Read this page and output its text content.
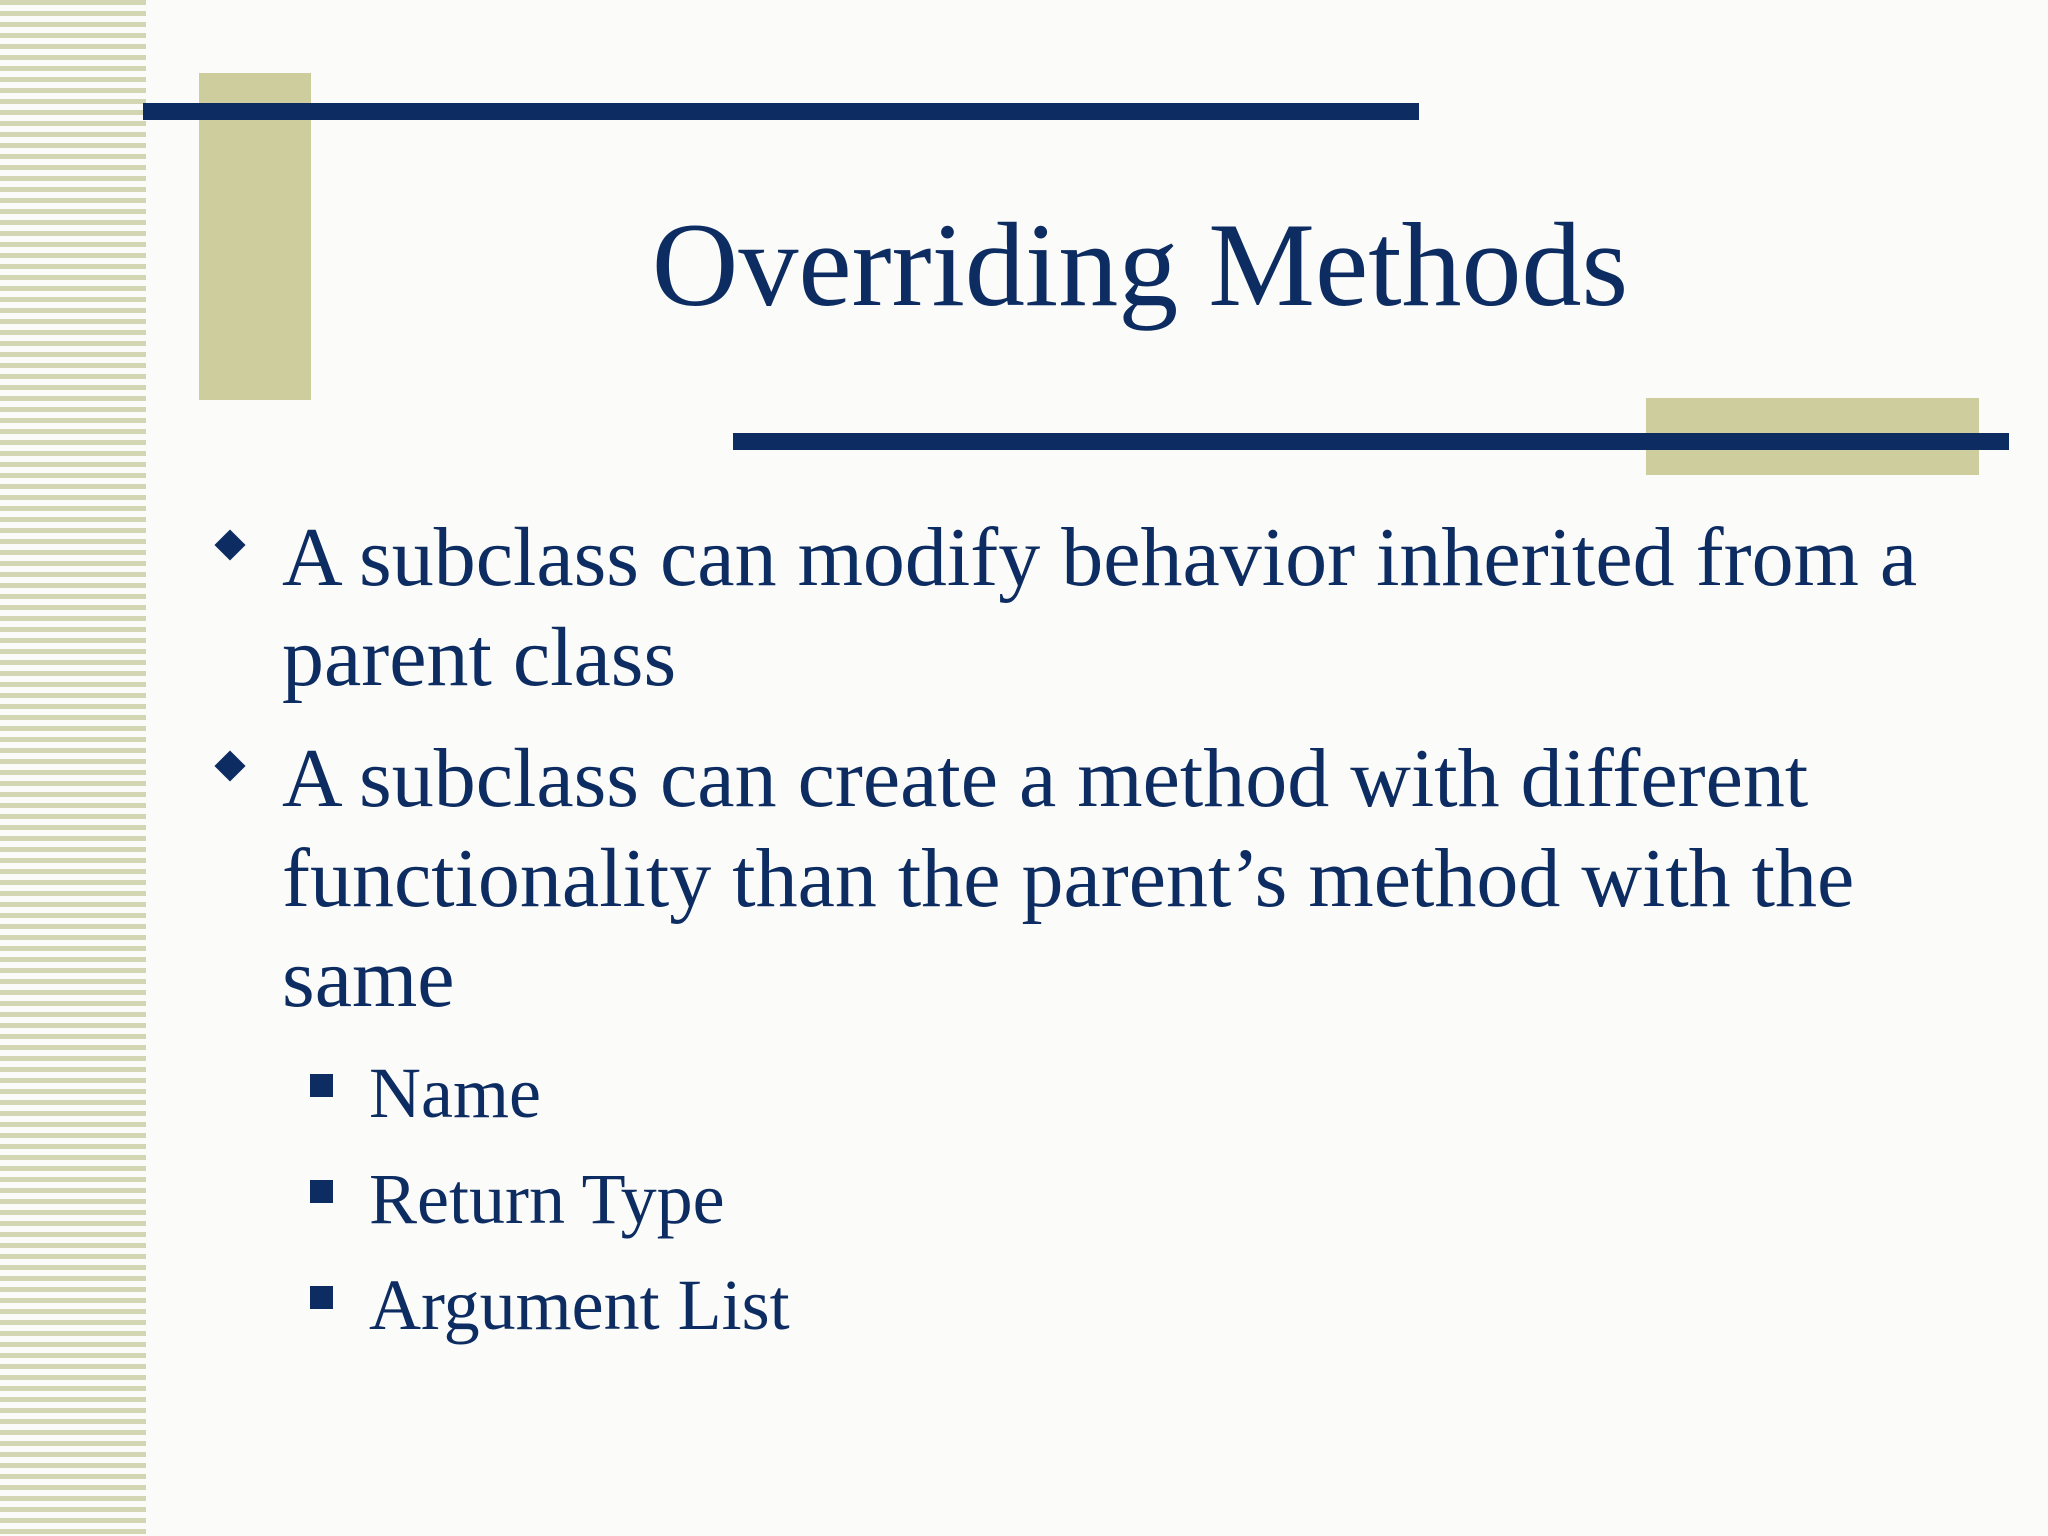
Overriding Methods
A subclass can modify behavior inherited from a parent class
A subclass can create a method with different functionality than the parent’s method with the same
Name
Return Type
Argument List
